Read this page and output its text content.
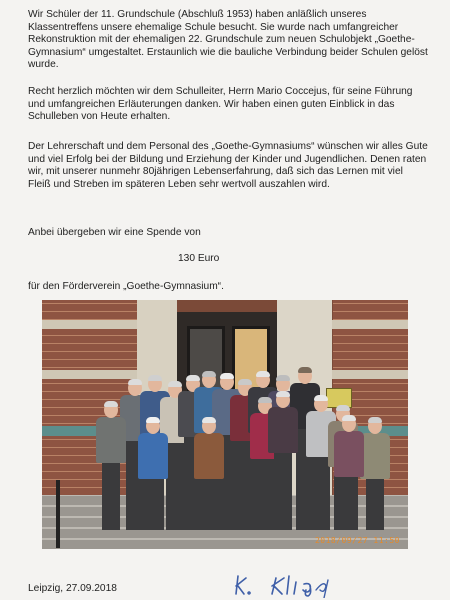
Wir Schüler der 11. Grundschule (Abschluß 1953) haben anläßlich unseres Klassentreffens unsere ehemalige Schule besucht. Sie wurde nach umfangreicher Rekonstruktion mit der ehemaligen 22. Grundschule zum neuen Schulobjekt „Goethe-Gymnasium“ umgestaltet. Erstaunlich wie die bauliche Verbindung beider Schulen gelöst wurde.
Recht herzlich möchten wir dem Schulleiter, Herrn Mario Coccejus, für seine Führung und umfangreichen Erläuterungen danken. Wir haben einen guten Einblick in das Schulleben von Heute erhalten.
Der Lehrerschaft und dem Personal des „Goethe-Gymnasiums“ wünschen wir alles Gute und viel Erfolg bei der Bildung und Erziehung der Kinder und Jugendlichen. Denen raten wir, mit unserer nunmehr 80jährigen Lebenserfahrung, daß sich das Lernen mit viel Fleiß und Streben im späteren Leben sehr wertvoll auszahlen wird.
Anbei übergeben wir eine Spende von
130 Euro
für den Förderverein „Goethe-Gymnasium“.
2018/09/27 11:50
Leipzig, 27.09.2018
